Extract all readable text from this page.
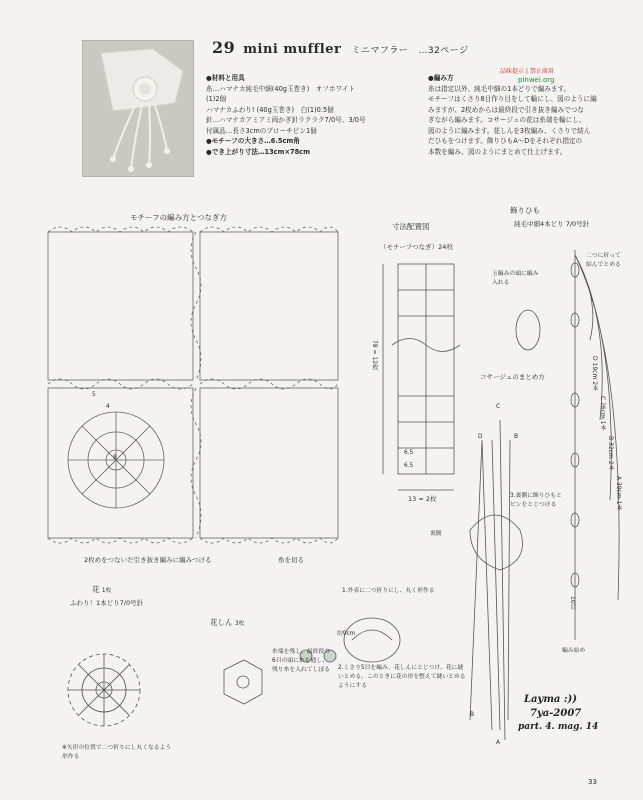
29 mini muffler ミニマフラー …32ページ
●材料と用具
糸…ハマナカ純毛中細(40g玉巻き)　オフホワイト
(1)2個
ハマナカふわり! (40g玉巻き)　白(1)0.5個
針…ハマナカアミアミ両かぎ針ラクラク7/0号、3/0号
付属品…長さ3cmのブローチピン1個
●モチーフの大きさ…6.5cm角
●でき上がり寸法…13cm×78cm
●編み方
糸は指定以外、純毛中細の1本どりで編みます。
モチーフはくさり8目作り目をして輪にし、図のように編
みますが、2枚めからは最終段で引き抜き編みでつな
ぎながら編みます。コサージュの花は糸端を輪にし、
図のように編みます。花しんを3枚編み、くさりで結ん
だひもをつけます。飾りひもA〜Dをそれぞれ指定の
本数を編み、図のようにまとめて仕上げます。
品味提示 | 禁止商用
pinwei.org
モチーフの編み方とつなぎ方
2枚めをつないだ引き抜き編みに編みつける	糸を切る
8
5
4
寸法配置図
（モチーフつなぎ）24枚
78 = 12枚
6.5
6.5
13 = 2枚
飾りひも
純毛中細4本どり 7/0号針
二つに折って結んでとめる
玉編みの頭に編み入れる
D 19cm 2本
C 26cm 1本
B 32cm 2本
A 39cm 1本
10目
編み始め
コサージュのまとめ方
3.裏側に飾りひもとピンをとじつける
裏側
1.外表に二つ折りにし、丸く形作る
約9cm
2.くさり5目を編み、花しんにとじつけ、花に縫いとめる。このときに花の形を整えて縫いとめるようにする
C
D	B
B
A
花 1枚
ふわり！1本どり7/0号針
※矢印の位置で二つ折りにし丸くなるよう形作る
花しん 3枚
糸端を残し、最終段の6目の頭に糸を通し、残り糸を入れてしぼる
Layma :))
7ya-2007
part. 4. mag. 14
33
